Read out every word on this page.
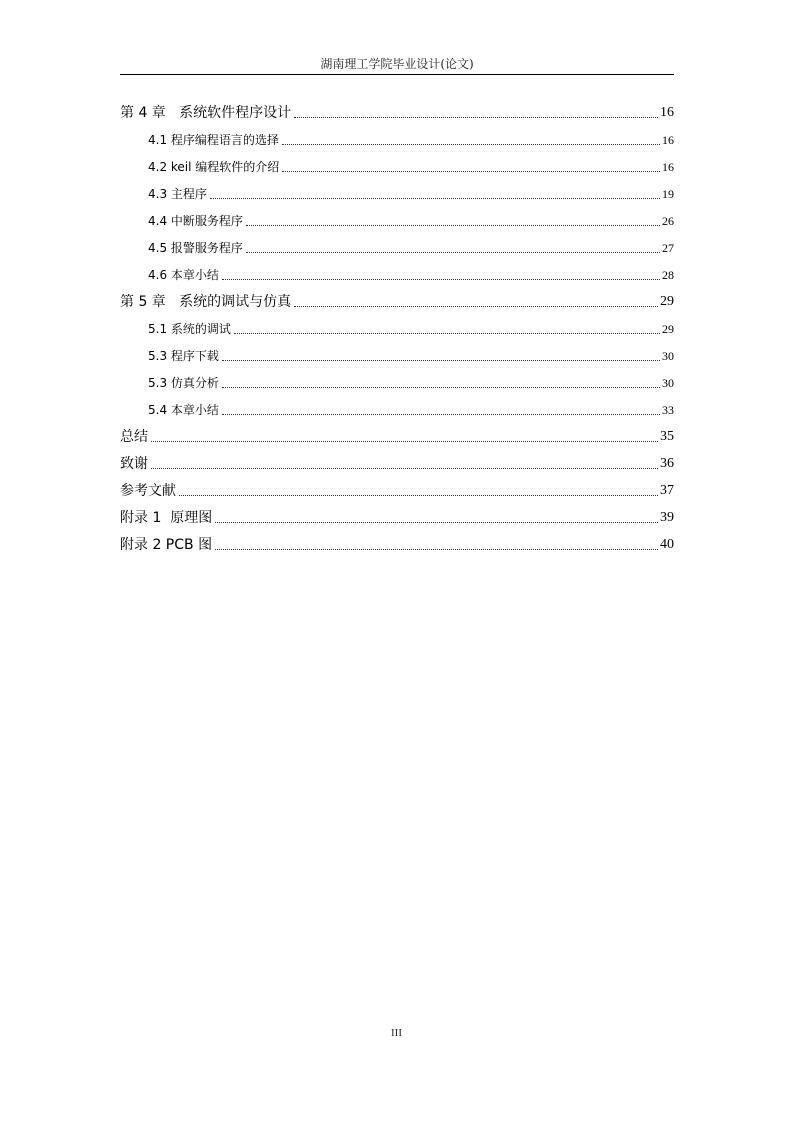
湖南理工学院毕业设计(论文)
第 4 章   系统软件程序设计	16
4.1 程序编程语言的选择	16
4.2 keil 编程软件的介绍	16
4.3 主程序	19
4.4 中断服务程序	26
4.5 报警服务程序	27
4.6 本章小结	28
第 5 章   系统的调试与仿真	29
5.1 系统的调试	29
5.3 程序下载	30
5.3 仿真分析	30
5.4 本章小结	33
总结	35
致谢	36
参考文献	37
附录 1  原理图	39
附录 2 PCB 图	40
III
